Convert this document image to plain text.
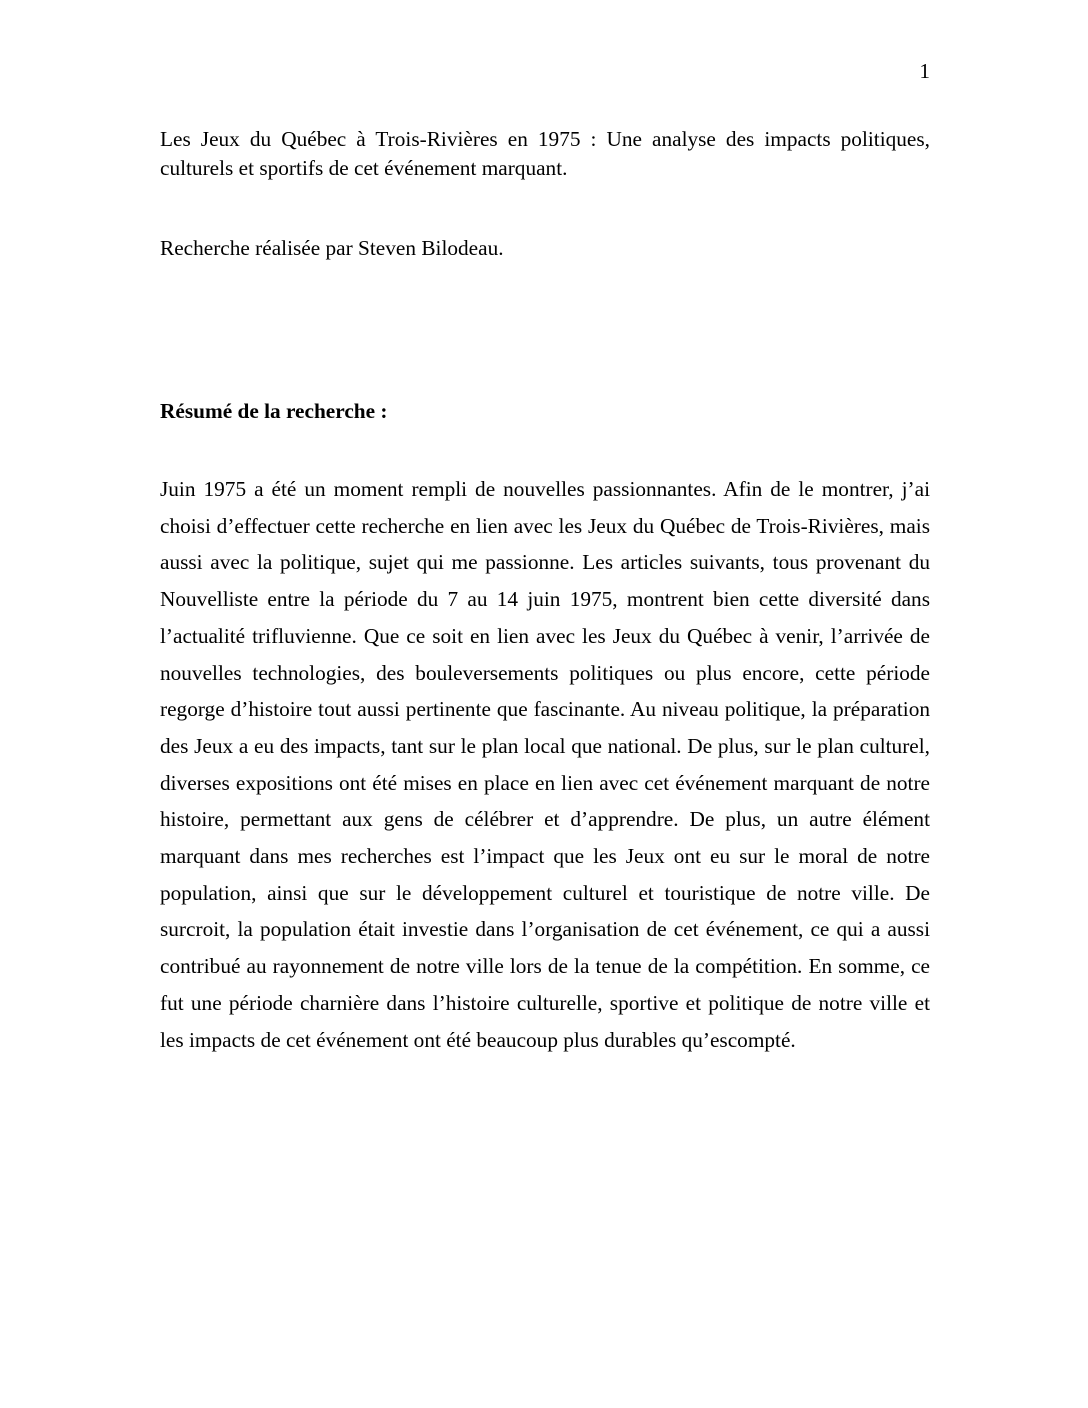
1

Les Jeux du Québec à Trois-Rivières en 1975 : Une analyse des impacts politiques, culturels et sportifs de cet événement marquant.

Recherche réalisée par Steven Bilodeau.

Résumé de la recherche :

Juin 1975 a été un moment rempli de nouvelles passionnantes. Afin de le montrer, j’ai choisi d’effectuer cette recherche en lien avec les Jeux du Québec de Trois-Rivières, mais aussi avec la politique, sujet qui me passionne. Les articles suivants, tous provenant du Nouvelliste entre la période du 7 au 14 juin 1975, montrent bien cette diversité dans l’actualité trifluvienne. Que ce soit en lien avec les Jeux du Québec à venir, l’arrivée de nouvelles technologies, des bouleversements politiques ou plus encore, cette période regorge d’histoire tout aussi pertinente que fascinante. Au niveau politique, la préparation des Jeux a eu des impacts, tant sur le plan local que national. De plus, sur le plan culturel, diverses expositions ont été mises en place en lien avec cet événement marquant de notre histoire, permettant aux gens de célébrer et d’apprendre. De plus, un autre élément marquant dans mes recherches est l’impact que les Jeux ont eu sur le moral de notre population, ainsi que sur le développement culturel et touristique de notre ville. De surcroit, la population était investie dans l’organisation de cet événement, ce qui a aussi contribué au rayonnement de notre ville lors de la tenue de la compétition. En somme, ce fut une période charnière dans l’histoire culturelle, sportive et politique de notre ville et les impacts de cet événement ont été beaucoup plus durables qu’escompté.
